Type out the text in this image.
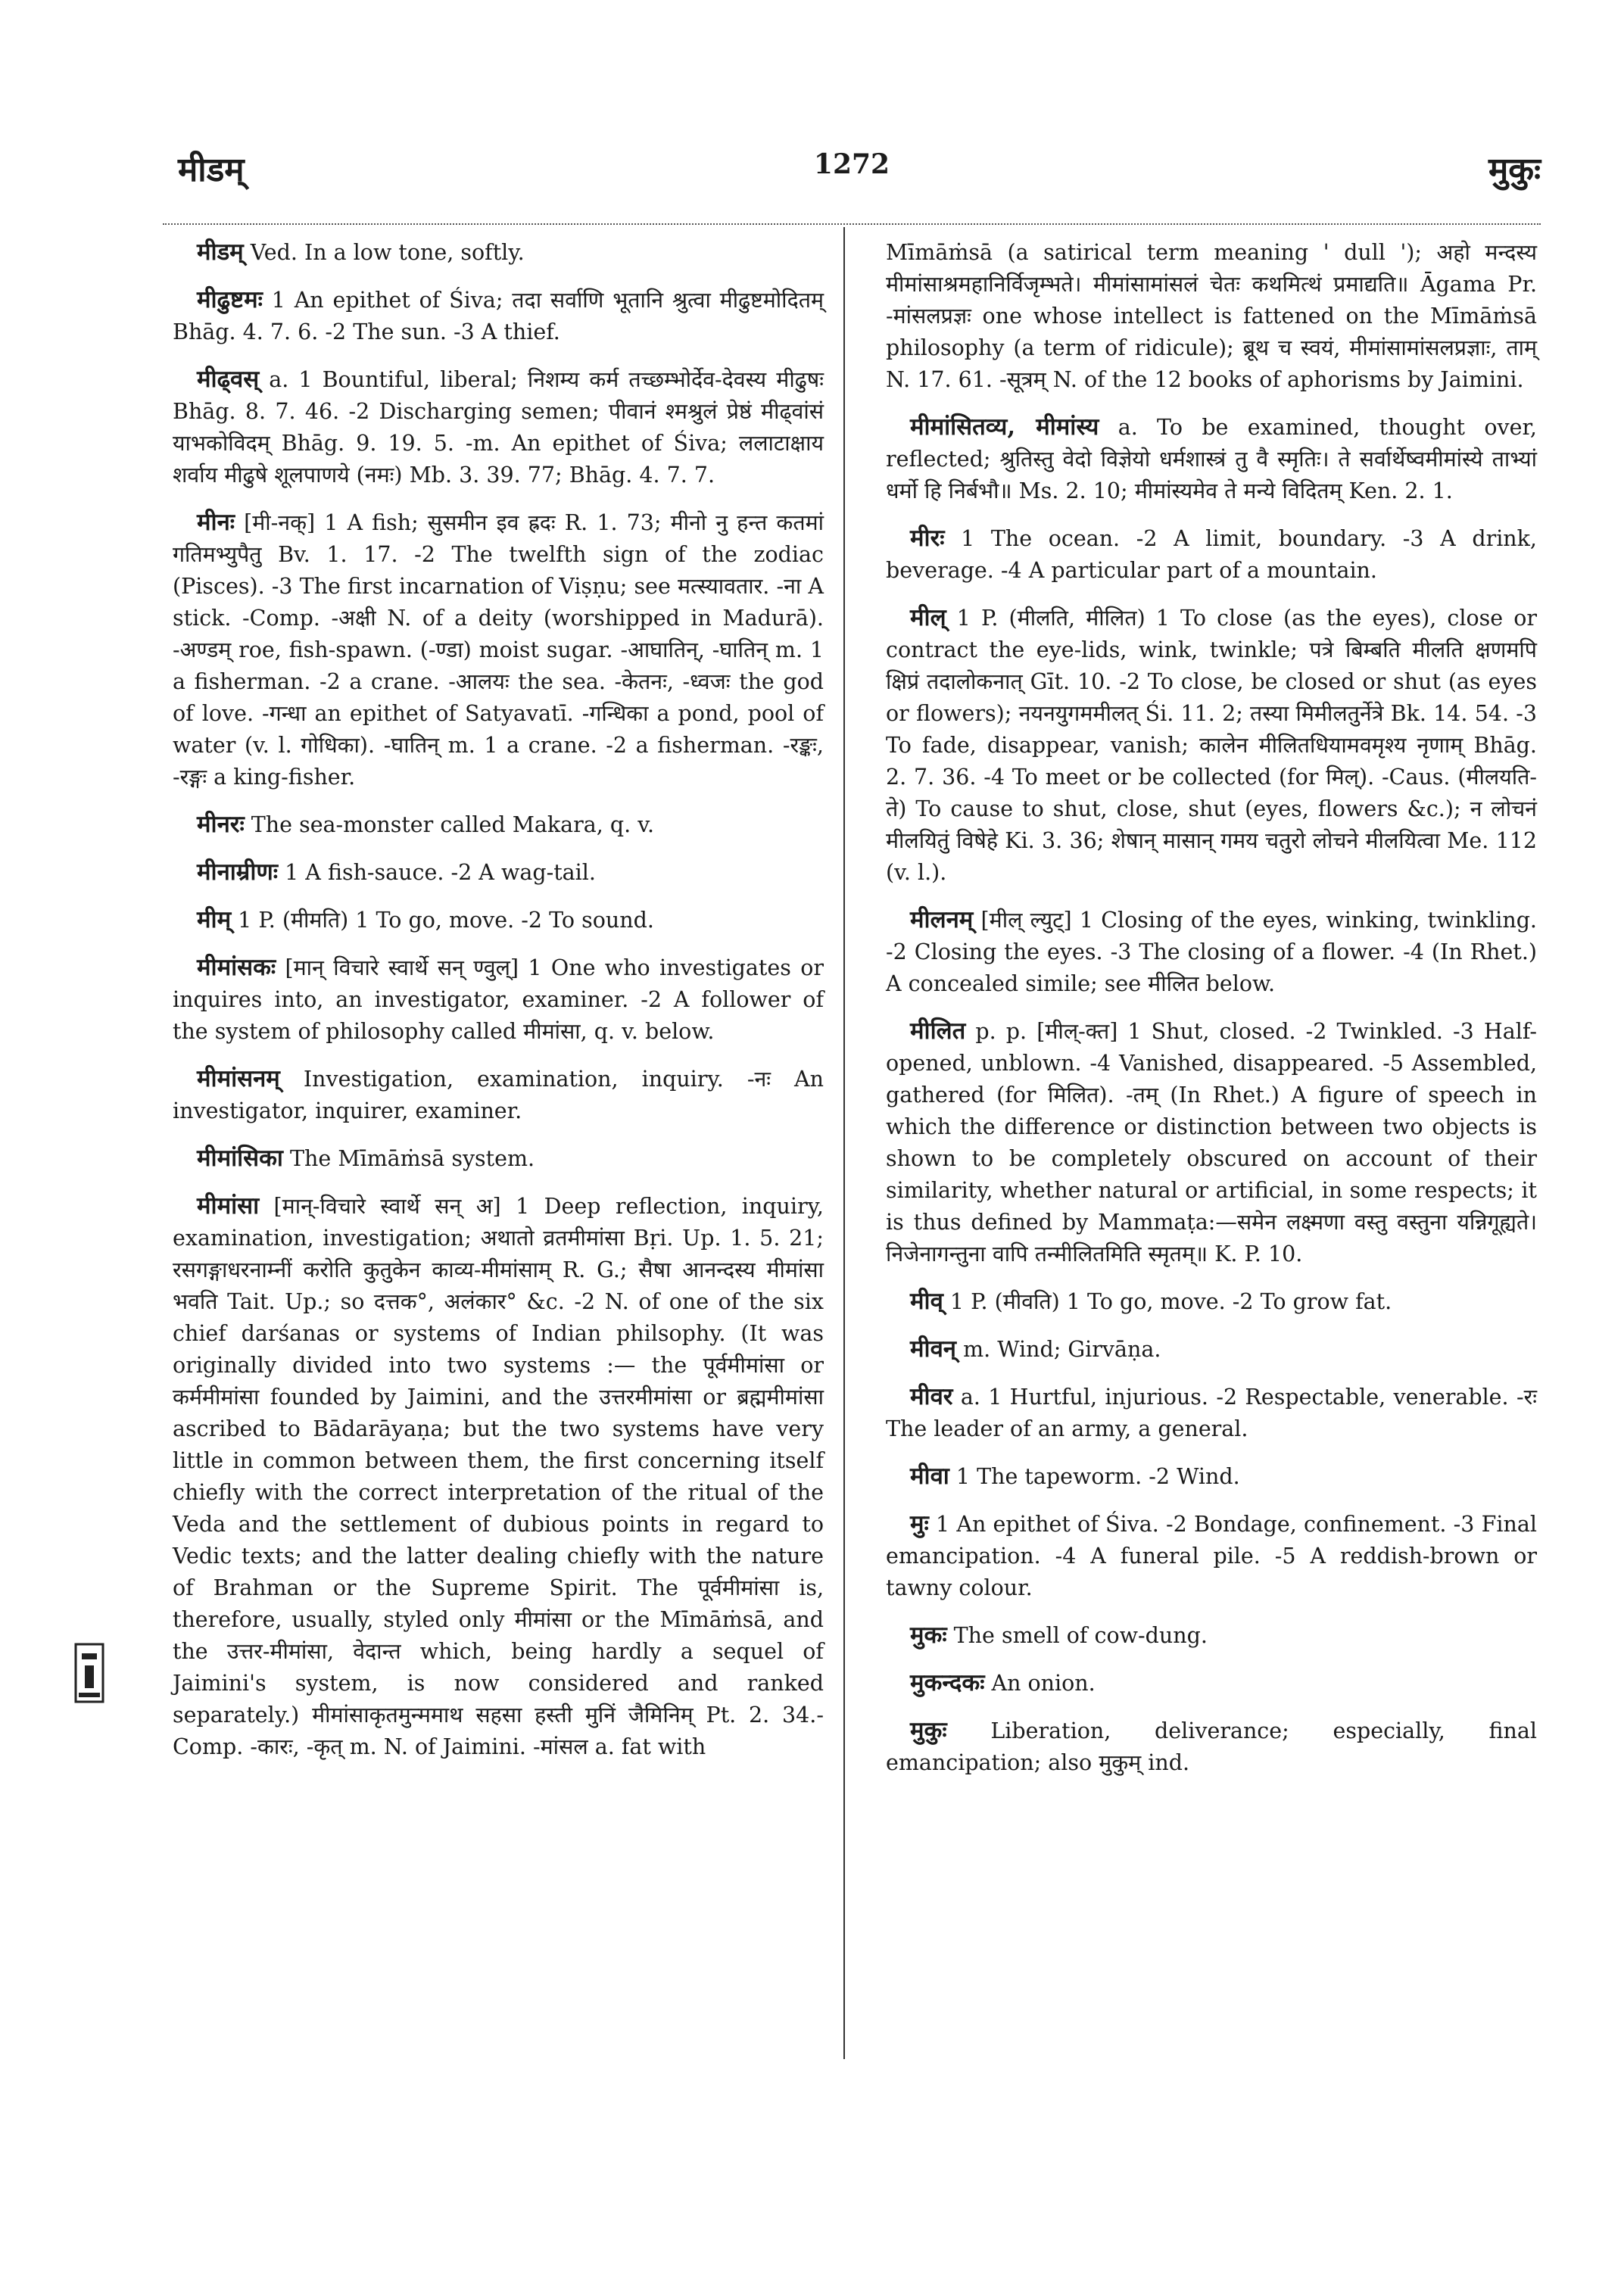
मीडम्	1272	मुकुः

मीडम् Ved. In a low tone, softly.

मीढुष्टमः 1 An epithet of Śiva; तदा सर्वाणि भूतानि श्रुत्वा मीढुष्टमोदितम् Bhāg. 4. 7. 6. -2 The sun. -3 A thief.

मीढ्वस् a. 1 Bountiful, liberal; निशम्य कर्म तच्छम्भोर्देव-देवस्य मीढुषः Bhāg. 8. 7. 46. -2 Discharging semen; पीवानं श्मश्रुलं प्रेष्ठं मीढ्वांसं याभकोविदम् Bhāg. 9. 19. 5. -m. An epithet of Śiva; ललाटाक्षाय शर्वाय मीढुषे शूलपाणये (नमः) Mb. 3. 39. 77; Bhāg. 4. 7. 7.

मीनः [मी-नक्] 1 A fish; सुसमीन इव ह्रदः R. 1. 73; मीनो नु हन्त कतमां गतिमभ्युपैतु Bv. 1. 17. -2 The twelfth sign of the zodiac (Pisces). -3 The first incarnation of Viṣṇu; see मत्स्यावतार. -ना A stick. -Comp. -अक्षी N. of a deity (worshipped in Madurā). -अण्डम् roe, fish-spawn. (-ण्डा) moist sugar. -आघातिन्, -घातिन् m. 1 a fisherman. -2 a crane. -आलयः the sea. -केतनः, -ध्वजः the god of love. -गन्धा an epithet of Satyavatī. -गन्धिका a pond, pool of water (v. l. गोधिका). -घातिन् m. 1 a crane. -2 a fisherman. -रङ्कः, -रङ्गः a king-fisher.

मीनरः The sea-monster called Makara, q. v.

मीनाम्रीणः 1 A fish-sauce. -2 A wag-tail.

मीम् 1 P. (मीमति) 1 To go, move. -2 To sound.

मीमांसकः [मान् विचारे स्वार्थे सन् ण्वुल्] 1 One who investigates or inquires into, an investigator, examiner. -2 A follower of the system of philosophy called मीमांसा, q. v. below.

मीमांसनम् Investigation, examination, inquiry. -नः An investigator, inquirer, examiner.

मीमांसिका The Mīmāṁsā system.

मीमांसा [मान्-विचारे स्वार्थे सन् अ] 1 Deep reflection, inquiry, examination, investigation; अथातो व्रतमीमांसा Bṛi. Up. 1. 5. 21; रसगङ्गाधरनाम्नीं करोति कुतुकेन काव्य-मीमांसाम् R. G.; सैषा आनन्दस्य मीमांसा भवति Tait. Up.; so दत्तक°, अलंकार° &c. -2 N. of one of the six chief darśanas or systems of Indian philsophy. (It was originally divided into two systems :— the पूर्वमीमांसा or कर्ममीमांसा founded by Jaimini, and the उत्तरमीमांसा or ब्रह्ममीमांसा ascribed to Bādarāyaṇa; but the two systems have very little in common between them, the first concerning itself chiefly with the correct interpretation of the ritual of the Veda and the settlement of dubious points in regard to Vedic texts; and the latter dealing chiefly with the nature of Brahman or the Supreme Spirit. The पूर्वमीमांसा is, therefore, usually, styled only मीमांसा or the Mīmāṁsā, and the उत्तर-मीमांसा, वेदान्त which, being hardly a sequel of Jaimini's system, is now considered and ranked separately.) मीमांसाकृतमुन्ममाथ सहसा हस्ती मुनिं जैमिनिम् Pt. 2. 34.-Comp. -कारः, -कृत् m. N. of Jaimini. -मांसल a. fat with

Mīmāṁsā (a satirical term meaning ' dull '); अहो मन्दस्य मीमांसाश्रमहानिर्विजृम्भते। मीमांसामांसलं चेतः कथमित्थं प्रमाद्यति॥ Āgama Pr. -मांसलप्रज्ञः one whose intellect is fattened on the Mīmāṁsā philosophy (a term of ridicule); ब्रूथ च स्वयं, मीमांसामांसलप्रज्ञाः, ताम् N. 17. 61. -सूत्रम् N. of the 12 books of aphorisms by Jaimini.

मीमांसितव्य, मीमांस्य a. To be examined, thought over, reflected; श्रुतिस्तु वेदो विज्ञेयो धर्मशास्त्रं तु वै स्मृतिः। ते सर्वार्थेष्वमीमांस्ये ताभ्यां धर्मो हि निर्बभौ॥ Ms. 2. 10; मीमांस्यमेव ते मन्ये विदितम् Ken. 2. 1.

मीरः 1 The ocean. -2 A limit, boundary. -3 A drink, beverage. -4 A particular part of a mountain.

मील् 1 P. (मीलति, मीलित) 1 To close (as the eyes), close or contract the eye-lids, wink, twinkle; पत्रे बिम्बति मीलति क्षणमपि क्षिप्रं तदालोकनात् Gīt. 10. -2 To close, be closed or shut (as eyes or flowers); नयनयुगममीलत् Śi. 11. 2; तस्या मिमीलतुर्नेत्रे Bk. 14. 54. -3 To fade, disappear, vanish; कालेन मीलितधियामवमृश्य नृणाम् Bhāg. 2. 7. 36. -4 To meet or be collected (for मिल्). -Caus. (मीलयति-ते) To cause to shut, close, shut (eyes, flowers &c.); न लोचनं मीलयितुं विषेहे Ki. 3. 36; शेषान् मासान् गमय चतुरो लोचने मीलयित्वा Me. 112 (v. l.).

मीलनम् [मील् ल्युट्] 1 Closing of the eyes, winking, twinkling. -2 Closing the eyes. -3 The closing of a flower. -4 (In Rhet.) A concealed simile; see मीलित below.

मीलित p. p. [मील्-क्त] 1 Shut, closed. -2 Twinkled. -3 Half-opened, unblown. -4 Vanished, disappeared. -5 Assembled, gathered (for मिलित). -तम् (In Rhet.) A figure of speech in which the difference or distinction between two objects is shown to be completely obscured on account of their similarity, whether natural or artificial, in some respects; it is thus defined by Mammaṭa:—समेन लक्ष्मणा वस्तु वस्तुना यन्निगूह्यते। निजेनागन्तुना वापि तन्मीलितमिति स्मृतम्॥ K. P. 10.

मीव् 1 P. (मीवति) 1 To go, move. -2 To grow fat.

मीवन् m. Wind; Girvāṇa.

मीवर a. 1 Hurtful, injurious. -2 Respectable, venerable. -रः The leader of an army, a general.

मीवा 1 The tapeworm. -2 Wind.

मुः 1 An epithet of Śiva. -2 Bondage, confinement. -3 Final emancipation. -4 A funeral pile. -5 A reddish-brown or tawny colour.

मुकः The smell of cow-dung.

मुकन्दकः An onion.

मुकुः Liberation, deliverance; especially, final emancipation; also मुकुम् ind.
